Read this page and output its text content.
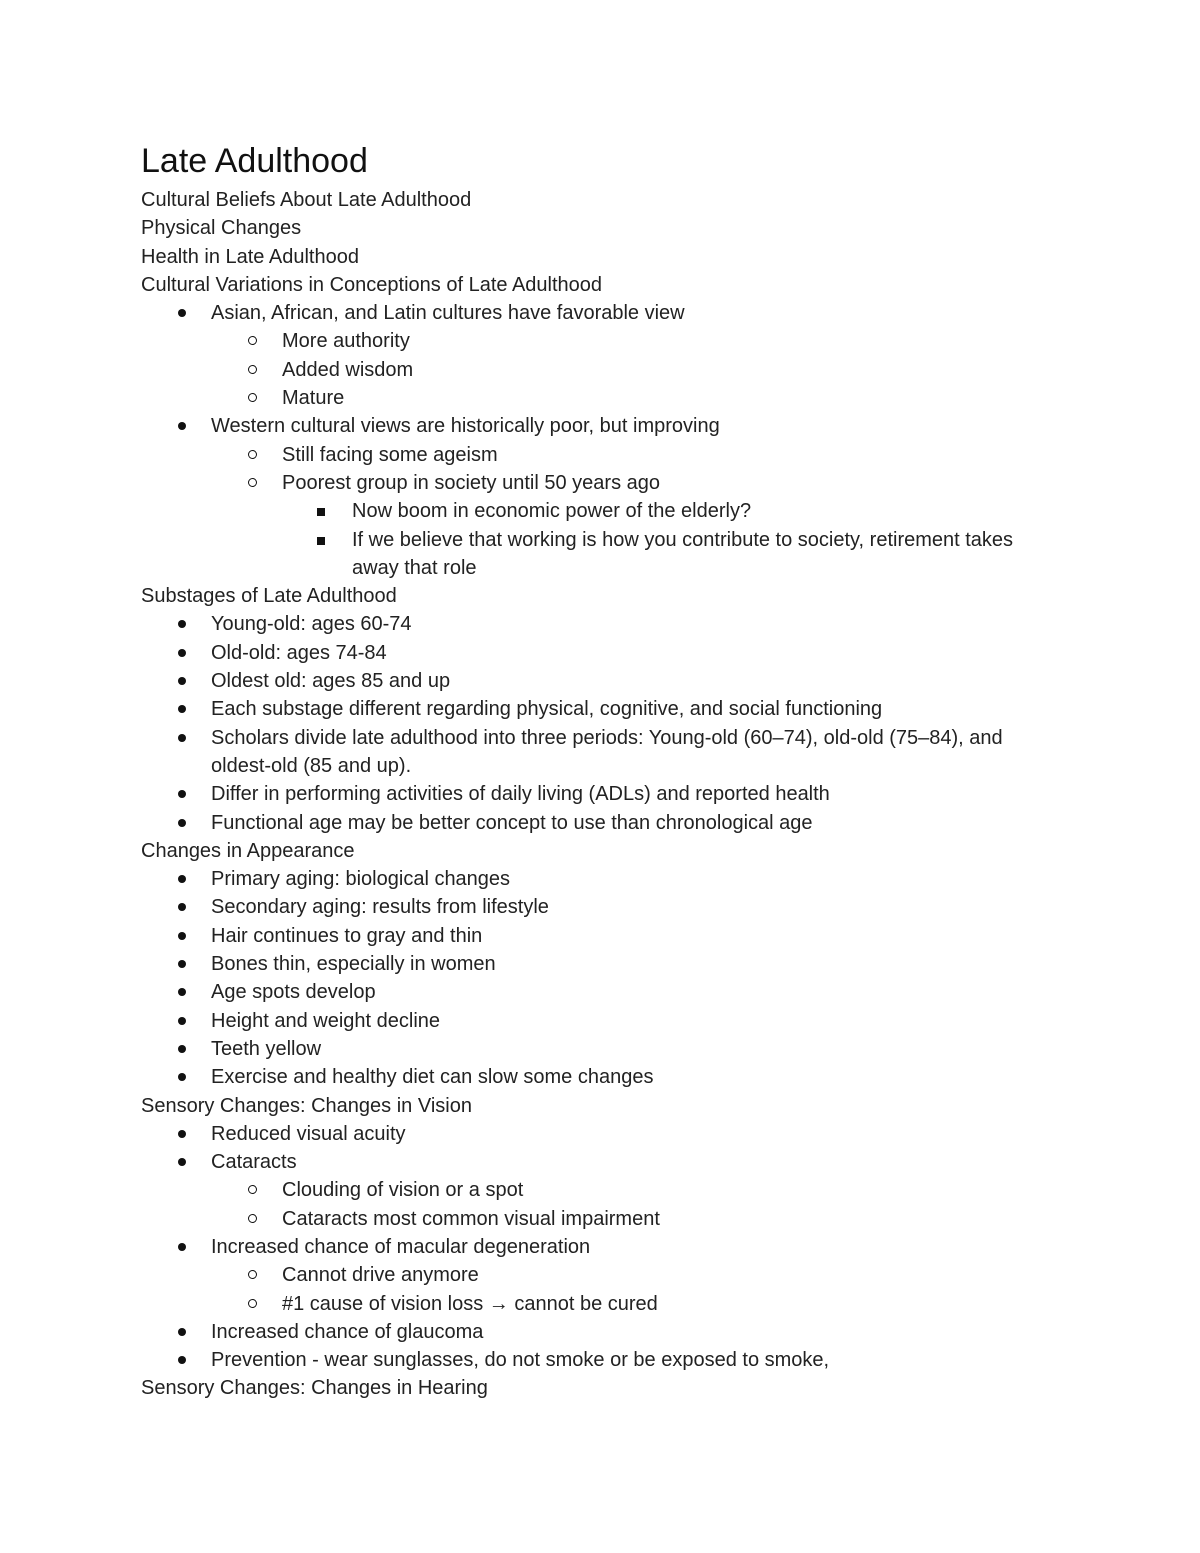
Late Adulthood
Cultural Beliefs About Late Adulthood
Physical Changes
Health in Late Adulthood
Cultural Variations in Conceptions of Late Adulthood
Asian, African, and Latin cultures have favorable view
More authority
Added wisdom
Mature
Western cultural views are historically poor, but improving
Still facing some ageism
Poorest group in society until 50 years ago
Now boom in economic power of the elderly?
If we believe that working is how you contribute to society, retirement takes away that role
Substages of Late Adulthood
Young-old: ages 60-74
Old-old: ages 74-84
Oldest old: ages 85 and up
Each substage different regarding physical, cognitive, and social functioning
Scholars divide late adulthood into three periods: Young-old (60–74), old-old (75–84), and oldest-old (85 and up).
Differ in performing activities of daily living (ADLs) and reported health
Functional age may be better concept to use than chronological age
Changes in Appearance
Primary aging: biological changes
Secondary aging: results from lifestyle
Hair continues to gray and thin
Bones thin, especially in women
Age spots develop
Height and weight decline
Teeth yellow
Exercise and healthy diet can slow some changes
Sensory Changes: Changes in Vision
Reduced visual acuity
Cataracts
Clouding of vision or a spot
Cataracts most common visual impairment
Increased chance of macular degeneration
Cannot drive anymore
#1 cause of vision loss → cannot be cured
Increased chance of glaucoma
Prevention - wear sunglasses, do not smoke or be exposed to smoke,
Sensory Changes: Changes in Hearing
